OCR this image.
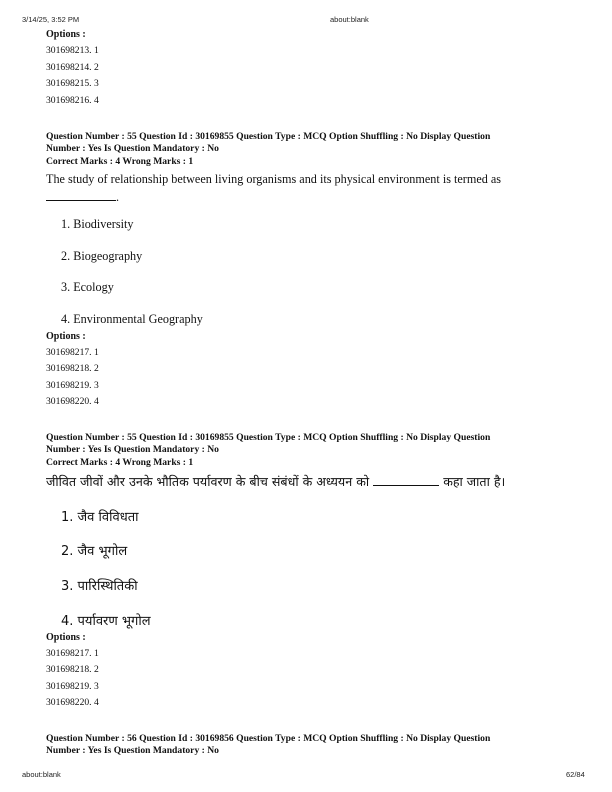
3/14/25, 3:52 PM	about:blank
Options :
301698213. 1
301698214. 2
301698215. 3
301698216. 4
Question Number : 55 Question Id : 30169855 Question Type : MCQ Option Shuffling : No Display Question
Number : Yes Is Question Mandatory : No
Correct Marks : 4 Wrong Marks : 1
The study of relationship between living organisms and its physical environment is termed as
.
1. Biodiversity
2. Biogeography
3. Ecology
4. Environmental Geography
Options :
301698217. 1
301698218. 2
301698219. 3
301698220. 4
Question Number : 55 Question Id : 30169855 Question Type : MCQ Option Shuffling : No Display Question
Number : Yes Is Question Mandatory : No
Correct Marks : 4 Wrong Marks : 1
जीवित जीवों और उनके भौतिक पर्यावरण के बीच संबंधों के अध्ययन को	कहा जाता है।
1. जैव विविधता
2. जैव भूगोल
3. पारिस्थितिकी
4. पर्यावरण भूगोल
Options :
301698217. 1
301698218. 2
301698219. 3
301698220. 4
Question Number : 56 Question Id : 30169856 Question Type : MCQ Option Shuffling : No Display Question
Number : Yes Is Question Mandatory : No
about:blank	62/84
